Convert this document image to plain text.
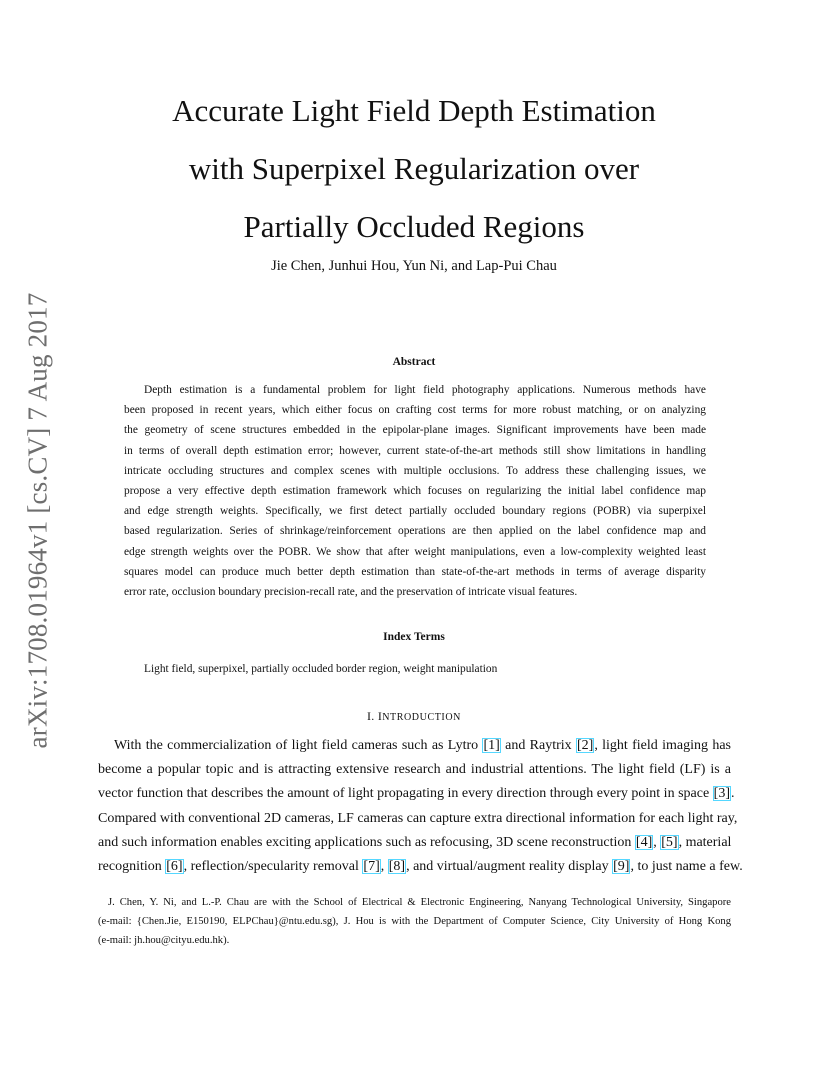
arXiv:1708.01964v1 [cs.CV] 7 Aug 2017
Accurate Light Field Depth Estimation
with Superpixel Regularization over
Partially Occluded Regions
Jie Chen, Junhui Hou, Yun Ni, and Lap-Pui Chau
Abstract
Depth estimation is a fundamental problem for light field photography applications. Numerous methods have
been proposed in recent years, which either focus on crafting cost terms for more robust matching, or on analyzing
the geometry of scene structures embedded in the epipolar-plane images. Significant improvements have been made
in terms of overall depth estimation error; however, current state-of-the-art methods still show limitations in handling
intricate occluding structures and complex scenes with multiple occlusions. To address these challenging issues, we
propose a very effective depth estimation framework which focuses on regularizing the initial label confidence map
and edge strength weights. Specifically, we first detect partially occluded boundary regions (POBR) via superpixel
based regularization. Series of shrinkage/reinforcement operations are then applied on the label confidence map and
edge strength weights over the POBR. We show that after weight manipulations, even a low-complexity weighted least
squares model can produce much better depth estimation than state-of-the-art methods in terms of average disparity
error rate, occlusion boundary precision-recall rate, and the preservation of intricate visual features.
Index Terms
Light field, superpixel, partially occluded border region, weight manipulation
I. INTRODUCTION
With the commercialization of light field cameras such as Lytro [1] and Raytrix [2], light field imaging has
become a popular topic and is attracting extensive research and industrial attentions. The light field (LF) is a
vector function that describes the amount of light propagating in every direction through every point in space [3].
Compared with conventional 2D cameras, LF cameras can capture extra directional information for each light ray,
and such information enables exciting applications such as refocusing, 3D scene reconstruction [4], [5], material
recognition [6], reflection/specularity removal [7], [8], and virtual/augment reality display [9], to just name a few.
J. Chen, Y. Ni, and L.-P. Chau are with the School of Electrical & Electronic Engineering, Nanyang Technological University, Singapore
(e-mail: {Chen.Jie, E150190, ELPChau}@ntu.edu.sg), J. Hou is with the Department of Computer Science, City University of Hong Kong
(e-mail: jh.hou@cityu.edu.hk).
